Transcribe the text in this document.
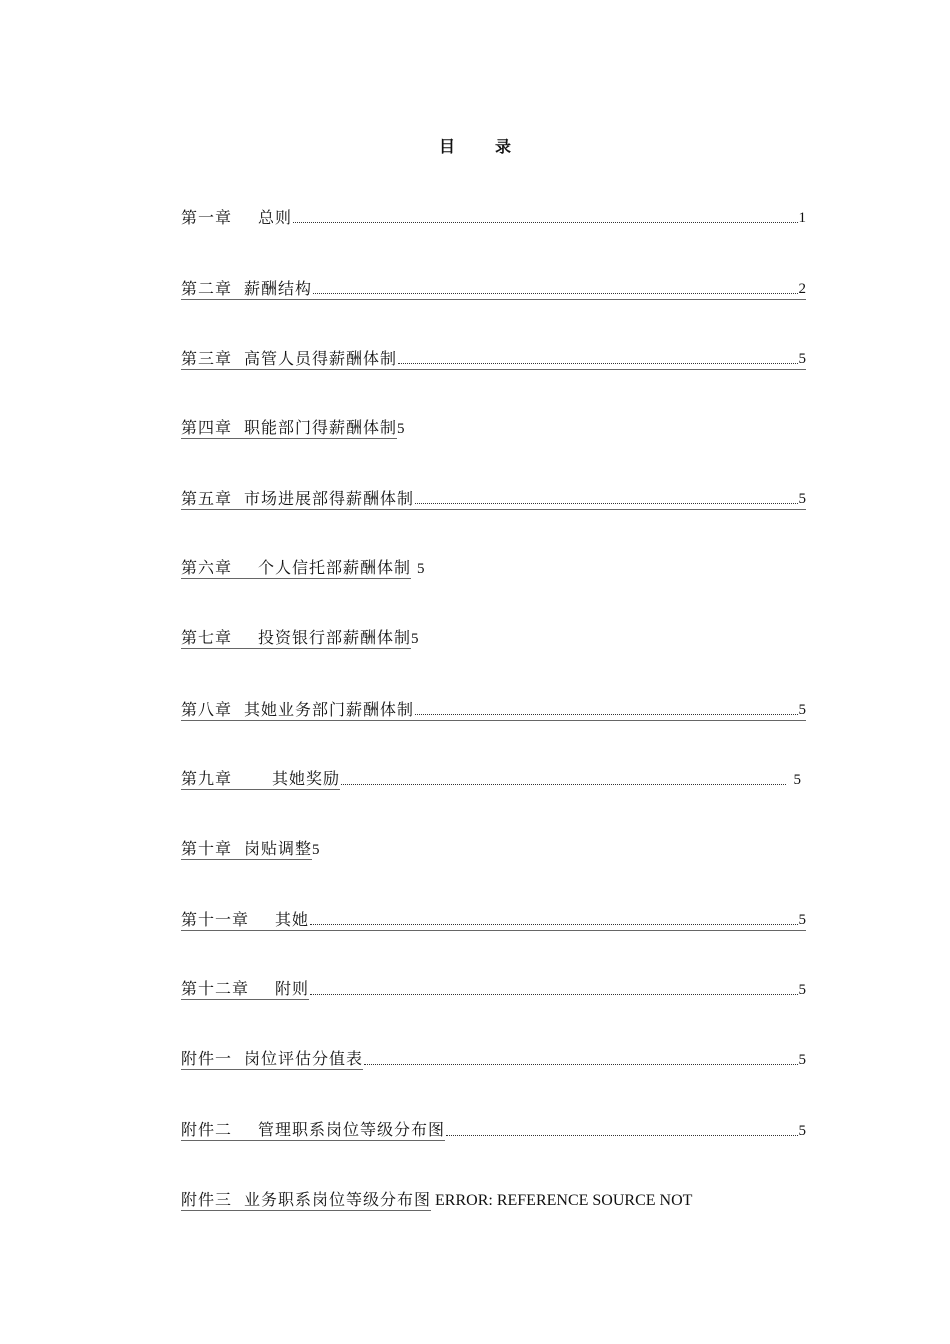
目	录
第一章 总则	1
第二章 薪酬结构	2
第三章 高管人员得薪酬体制	5
第四章 职能部门得薪酬体制 5
第五章 市场进展部得薪酬体制	5
第六章 个人信托部薪酬体制 5
第七章 投资银行部薪酬体制 5
第八章 其她业务部门薪酬体制	5
第九章	其她奖励	5
第十章 岗贴调整 5
第十一章 其她	5
第十二章 附则	5
附件一 岗位评估分值表	5
附件二 管理职系岗位等级分布图	5
附件三 业务职系岗位等级分布图 ERROR: REFERENCE SOURCE NOT
